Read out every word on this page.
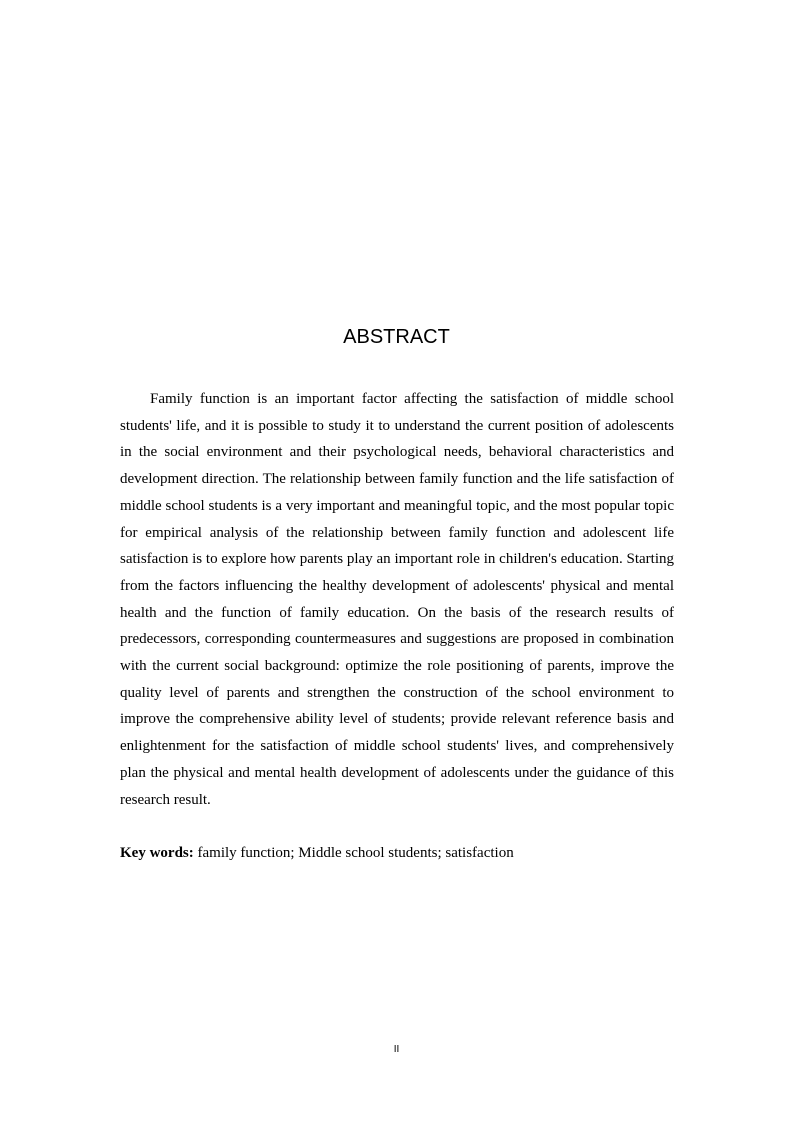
ABSTRACT

Family function is an important factor affecting the satisfaction of middle school students' life, and it is possible to study it to understand the current position of adolescents in the social environment and their psychological needs, behavioral characteristics and development direction. The relationship between family function and the life satisfaction of middle school students is a very important and meaningful topic, and the most popular topic for empirical analysis of the relationship between family function and adolescent life satisfaction is to explore how parents play an important role in children's education. Starting from the factors influencing the healthy development of adolescents' physical and mental health and the function of family education. On the basis of the research results of predecessors, corresponding countermeasures and suggestions are proposed in combination with the current social background: optimize the role positioning of parents, improve the quality level of parents and strengthen the construction of the school environment to improve the comprehensive ability level of students; provide relevant reference basis and enlightenment for the satisfaction of middle school students' lives, and comprehensively plan the physical and mental health development of adolescents under the guidance of this research result.

Key words: family function; Middle school students; satisfaction

II
